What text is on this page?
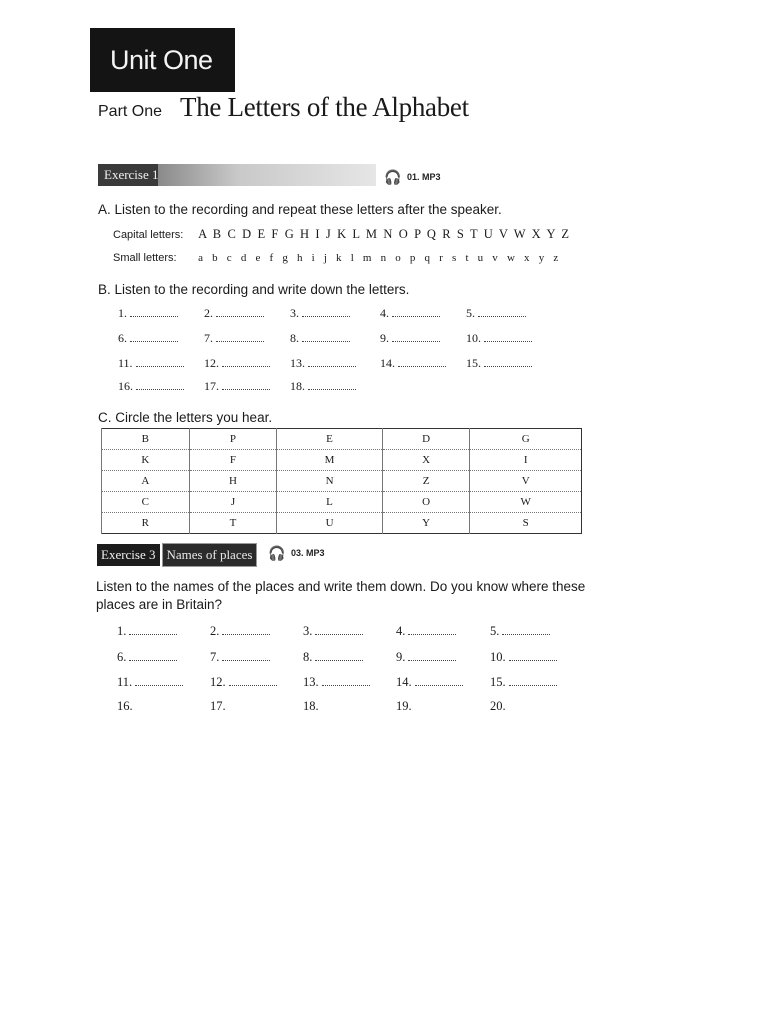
Unit One
Part One The Letters of the Alphabet
Exercise 1	🎧 01. MP3
A. Listen to the recording and repeat these letters after the speaker.
Capital letters: A B C D E F G H I J K L M N O P Q R S T U V W X Y Z
Small letters: a b c d e f g h i j k l m n o p q r s t u v w x y z
B. Listen to the recording and write down the letters.
1.	2.	3.	4.	5.
6.	7.	8.	9.	10.
11.	12.	13.	14.	15.
16.	17.	18.
C. Circle the letters you hear.
B	P	E	D	G
K	F	M	X	I
A	H	N	Z	V
C	J	L	O	W
R	T	U	Y	S
Exercise 3 Names of places	🎧 03. MP3
Listen to the names of the places and write them down. Do you know where these places are in Britain?
1.	2.	3.	4.	5.
6.	7.	8.	9.	10.
11.	12.	13.	14.	15.
16.	17.	18.	19.	20.
